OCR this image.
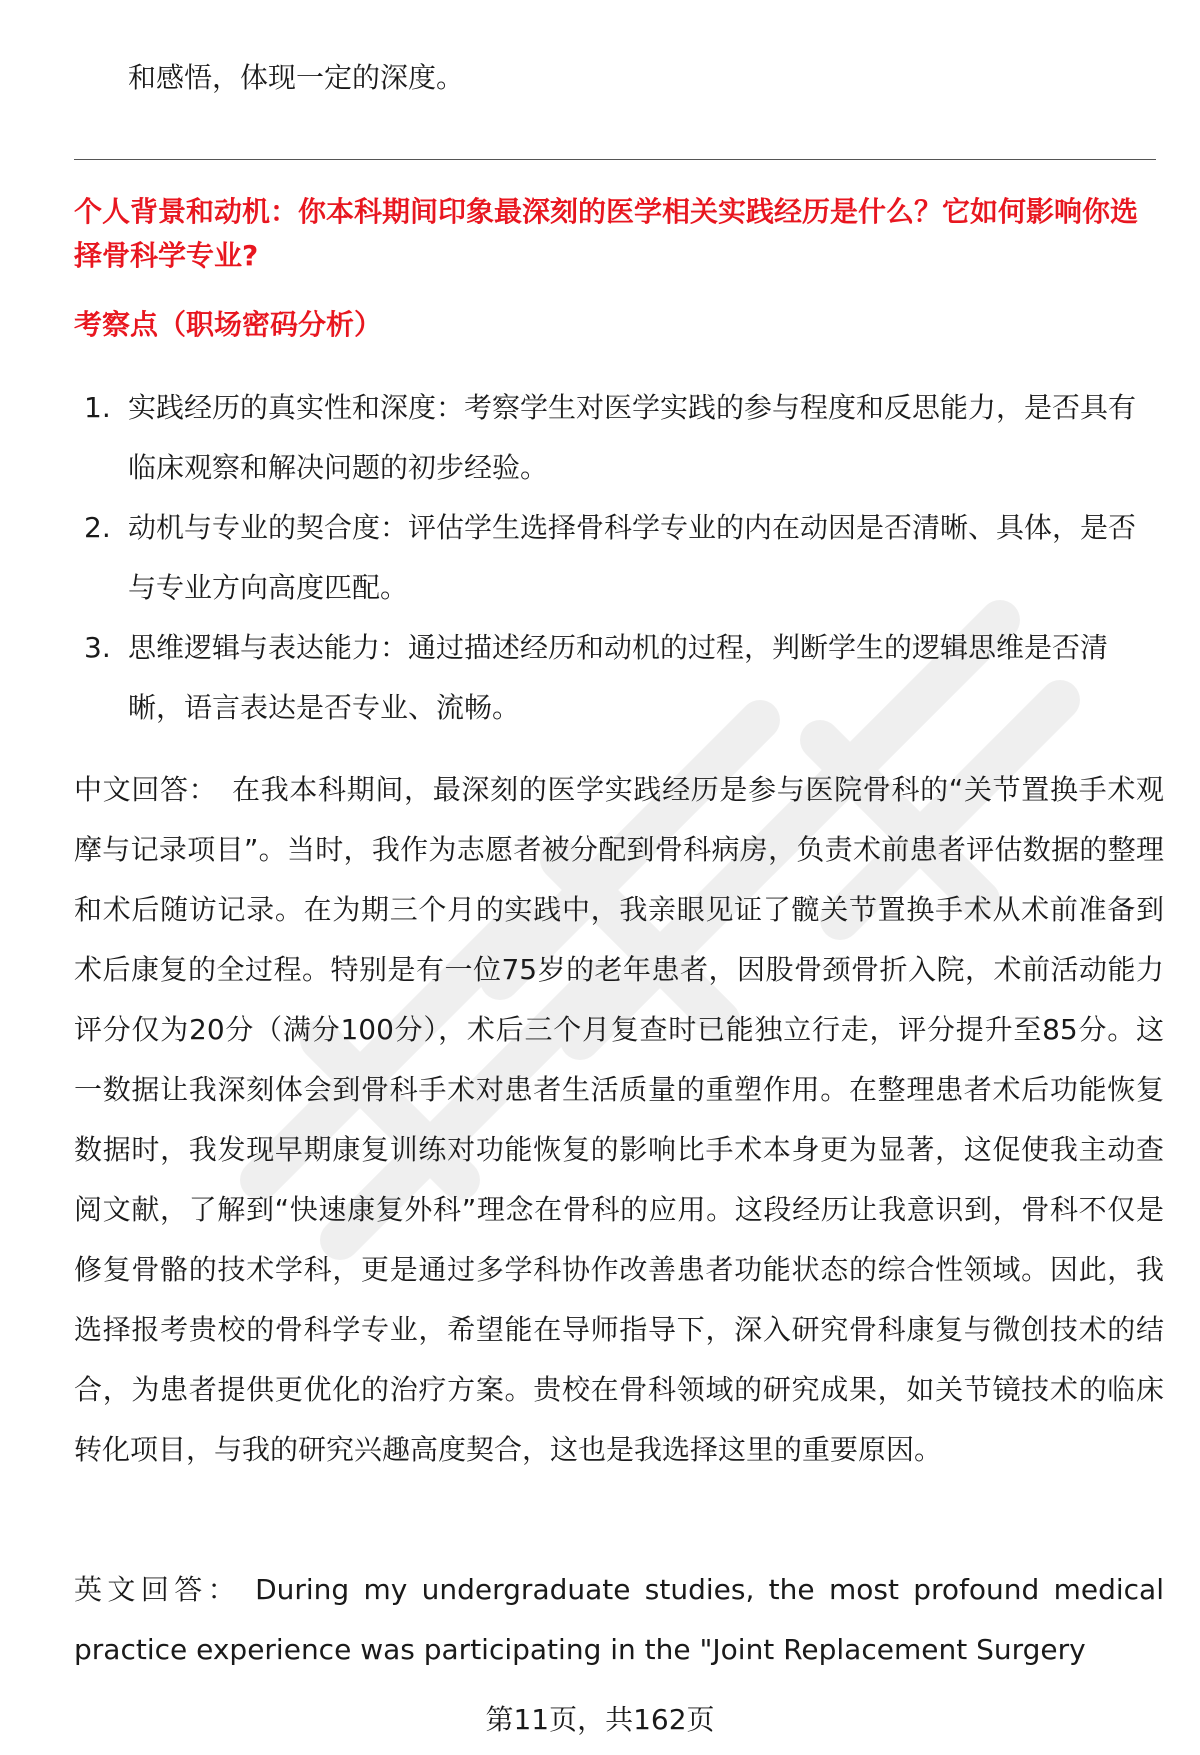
和感悟，体现一定的深度。

个人背景和动机：你本科期间印象最深刻的医学相关实践经历是什么？它如何影响你选择骨科学专业?

考察点（职场密码分析）

1. 实践经历的真实性和深度：考察学生对医学实践的参与程度和反思能力，是否具有临床观察和解决问题的初步经验。
2. 动机与专业的契合度：评估学生选择骨科学专业的内在动因是否清晰、具体，是否与专业方向高度匹配。
3. 思维逻辑与表达能力：通过描述经历和动机的过程，判断学生的逻辑思维是否清晰，语言表达是否专业、流畅。

中文回答： 在我本科期间，最深刻的医学实践经历是参与医院骨科的“关节置换手术观摩与记录项目”。当时，我作为志愿者被分配到骨科病房，负责术前患者评估数据的整理和术后随访记录。在为期三个月的实践中，我亲眼见证了髋关节置换手术从术前准备到术后康复的全过程。特别是有一位75岁的老年患者，因股骨颈骨折入院，术前活动能力评分仅为20分（满分100分），术后三个月复查时已能独立行走，评分提升至85分。这一数据让我深刻体会到骨科手术对患者生活质量的重塑作用。在整理患者术后功能恢复数据时，我发现早期康复训练对功能恢复的影响比手术本身更为显著，这促使我主动查阅文献，了解到“快速康复外科”理念在骨科的应用。这段经历让我意识到，骨科不仅是修复骨骼的技术学科，更是通过多学科协作改善患者功能状态的综合性领域。因此，我选择报考贵校的骨科学专业，希望能在导师指导下，深入研究骨科康复与微创技术的结合，为患者提供更优化的治疗方案。贵校在骨科领域的研究成果，如关节镜技术的临床转化项目，与我的研究兴趣高度契合，这也是我选择这里的重要原因。

英文回答： During my undergraduate studies, the most profound medical practice experience was participating in the "Joint Replacement Surgery

第11页，共162页
